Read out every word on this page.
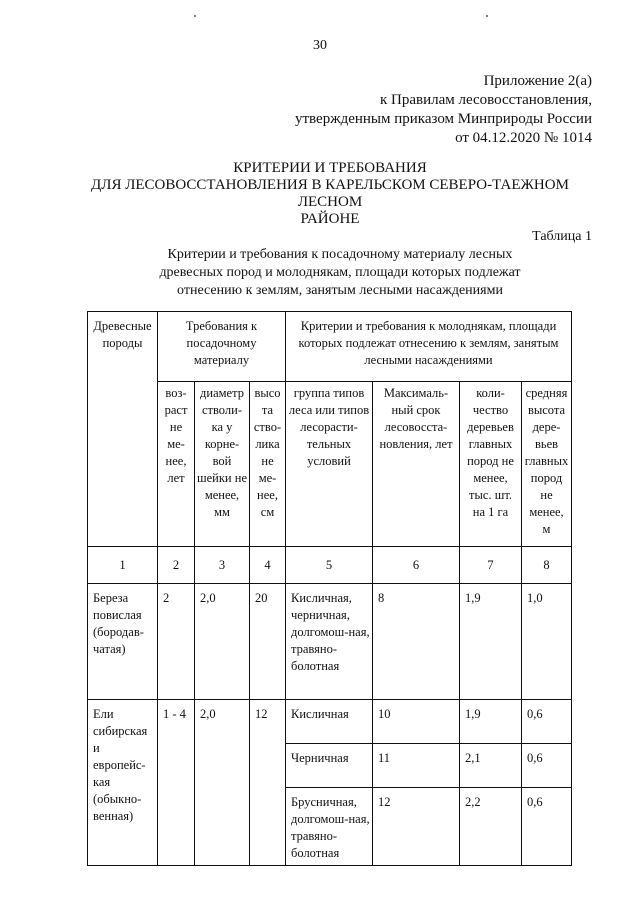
30
Приложение 2(а)
к Правилам лесовосстановления,
утвержденным приказом Минприроды России
от 04.12.2020 № 1014
КРИТЕРИИ И ТРЕБОВАНИЯ
ДЛЯ ЛЕСОВОССТАНОВЛЕНИЯ В КАРЕЛЬСКОМ СЕВЕРО-ТАЕЖНОМ ЛЕСНОМ
РАЙОНЕ
Таблица 1
Критерии и требования к посадочному материалу лесных
древесных пород и молоднякам, площади которых подлежат
отнесению к землям, занятым лесными насаждениями
Древесные породы	Требования к посадочному материалу			Критерии и требования к молоднякам, площади которых подлежат отнесению к землям, занятым лесными насаждениями			
	воз-раст не ме-нее, лет	диаметр стволи-ка у корне-вой шейки не менее, мм	высо та ство-лика не ме-нее, см	группа типов леса или типов лесорасти-тельных условий	Максималь-ный срок лесовосста-новления, лет	коли-чество деревьев главных пород не менее, тыс. шт. на 1 га	средняя высота дере-вьев главных пород не менее, м
1	2	3	4	5	6	7	8
Береза повислая (бородав-чатая)	2	2,0	20	Кисличная, черничная, долгомош-ная, травяно-болотная	8	1,9	1,0
Ели сибирская и европейс-кая (обыкно-венная)	1 - 4	2,0	12	Кисличная	10	1,9	0,6
				Черничная	11	2,1	0,6
				Брусничная, долгомош-ная, травяно-болотная	12	2,2	0,6
